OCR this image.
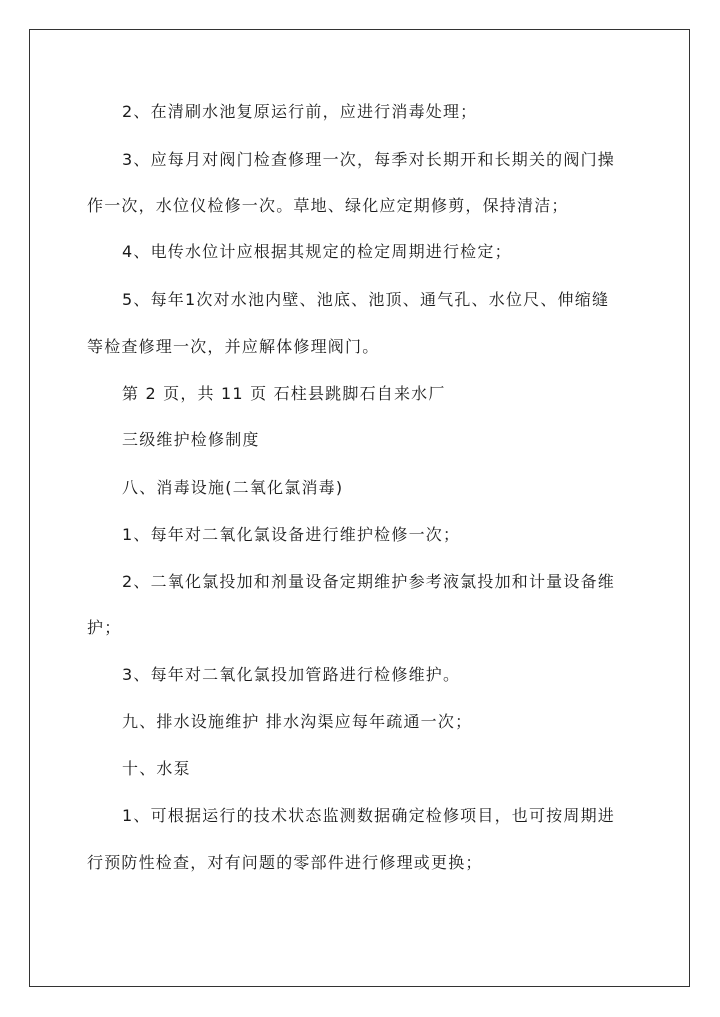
2、在清刷水池复原运行前，应进行消毒处理；
3、应每月对阀门检查修理一次，每季对长期开和长期关的阀门操
作一次，水位仪检修一次。草地、绿化应定期修剪，保持清洁；
4、电传水位计应根据其规定的检定周期进行检定；
5、每年1次对水池内壁、池底、池顶、通气孔、水位尺、伸缩缝
等检查修理一次，并应解体修理阀门。
第 2 页，共 11 页 石柱县跳脚石自来水厂
三级维护检修制度
八、消毒设施(二氧化氯消毒)
1、每年对二氧化氯设备进行维护检修一次；
2、二氧化氯投加和剂量设备定期维护参考液氯投加和计量设备维
护；
3、每年对二氧化氯投加管路进行检修维护。
九、排水设施维护 排水沟渠应每年疏通一次；
十、水泵
1、可根据运行的技术状态监测数据确定检修项目，也可按周期进
行预防性检查，对有问题的零部件进行修理或更换；
